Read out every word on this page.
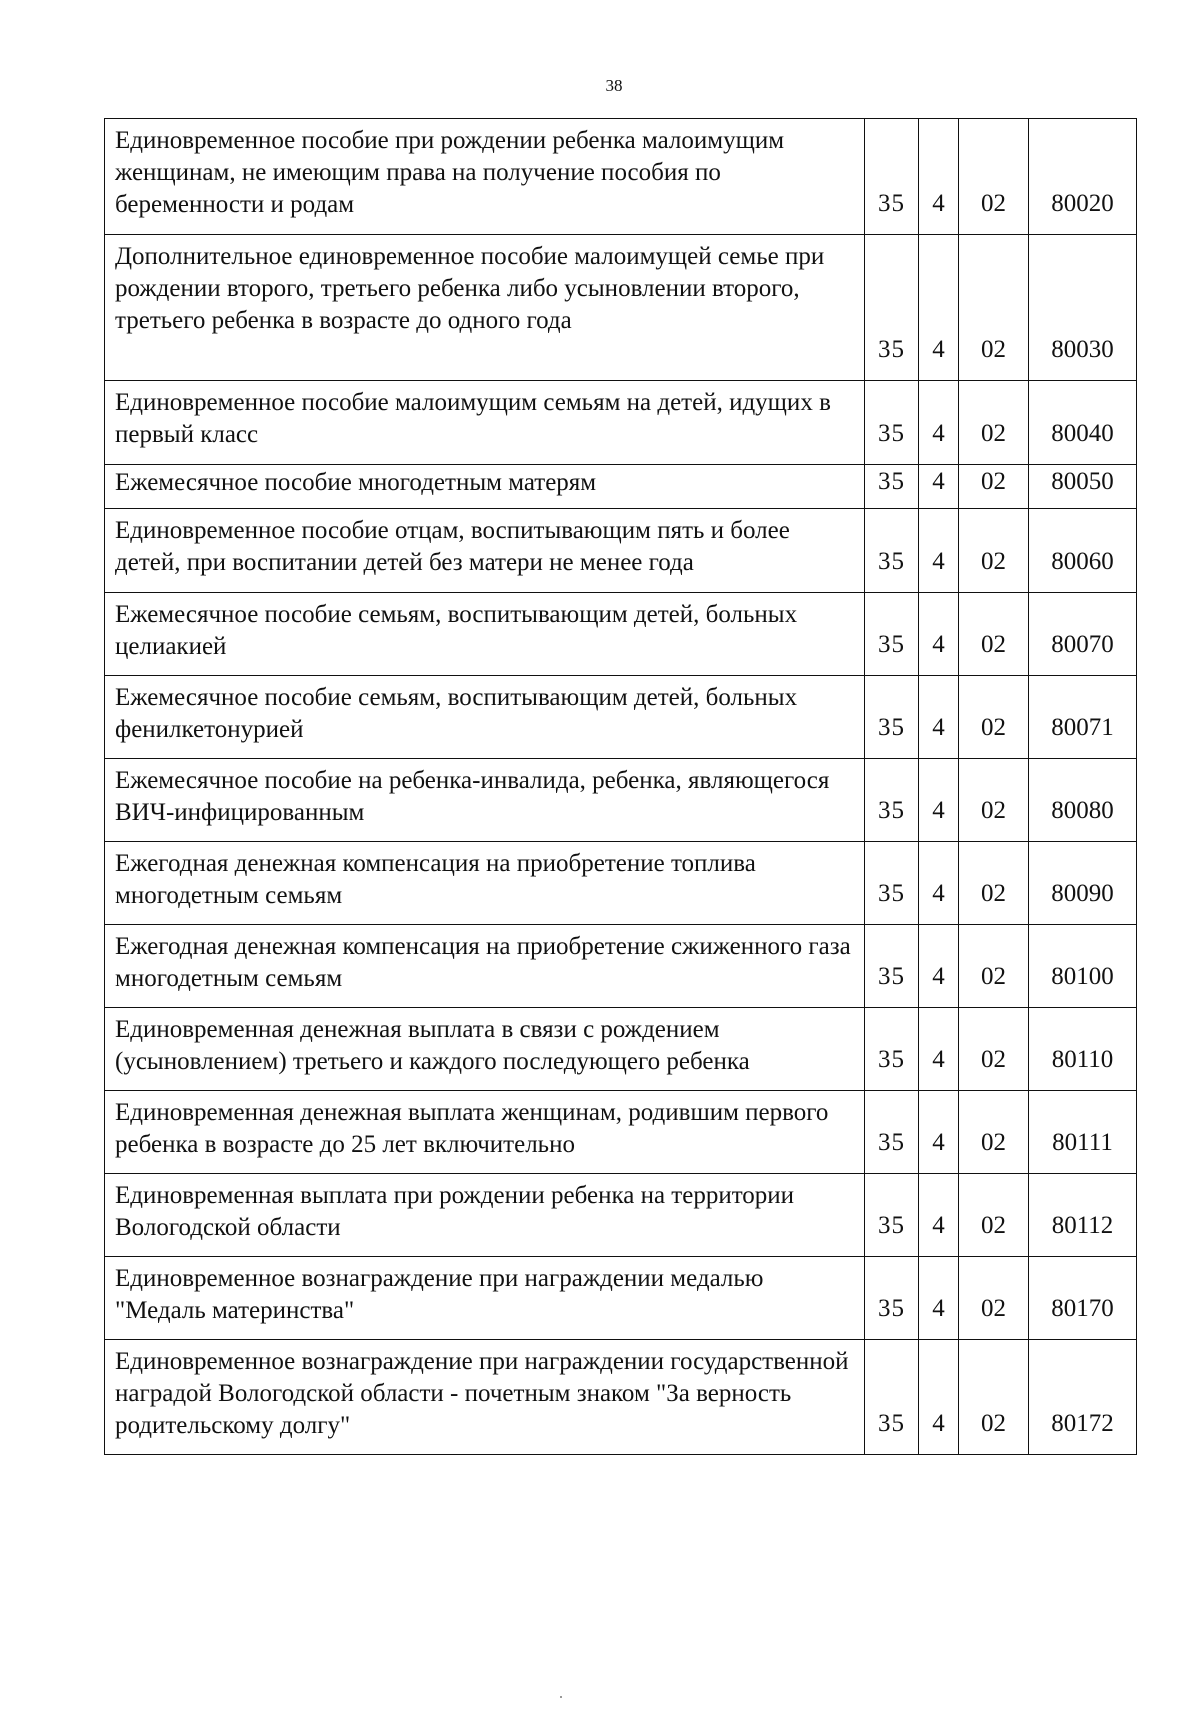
38
Единовременное пособие при рождении ребенка малоимущим женщинам, не имеющим права на получение пособия по беременности и родам	35	4	02	80020
Дополнительное единовременное пособие малоимущей семье при рождении второго, третьего ребенка либо усыновлении второго, третьего ребенка в возрасте до одного года	35	4	02	80030
Единовременное пособие малоимущим семьям на детей, идущих в первый класс	35	4	02	80040
Ежемесячное пособие многодетным матерям	35	4	02	80050
Единовременное пособие отцам, воспитывающим пять и более детей, при воспитании детей без матери не менее года	35	4	02	80060
Ежемесячное пособие семьям, воспитывающим детей, больных целиакией	35	4	02	80070
Ежемесячное пособие семьям, воспитывающим детей, больных фенилкетонурией	35	4	02	80071
Ежемесячное пособие на ребенка-инвалида, ребенка, являющегося ВИЧ-инфицированным	35	4	02	80080
Ежегодная денежная компенсация на приобретение топлива многодетным семьям	35	4	02	80090
Ежегодная денежная компенсация на приобретение сжиженного газа многодетным семьям	35	4	02	80100
Единовременная денежная выплата в связи с рождением (усыновлением) третьего и каждого последующего ребенка	35	4	02	80110
Единовременная денежная выплата женщинам, родившим первого ребенка в возрасте до 25 лет включительно	35	4	02	80111
Единовременная выплата при рождении ребенка на территории Вологодской области	35	4	02	80112
Единовременное вознаграждение при награждении медалью "Медаль материнства"	35	4	02	80170
Единовременное вознаграждение при награждении государственной наградой Вологодской области - почетным знаком "За верность родительскому долгу"	35	4	02	80172
